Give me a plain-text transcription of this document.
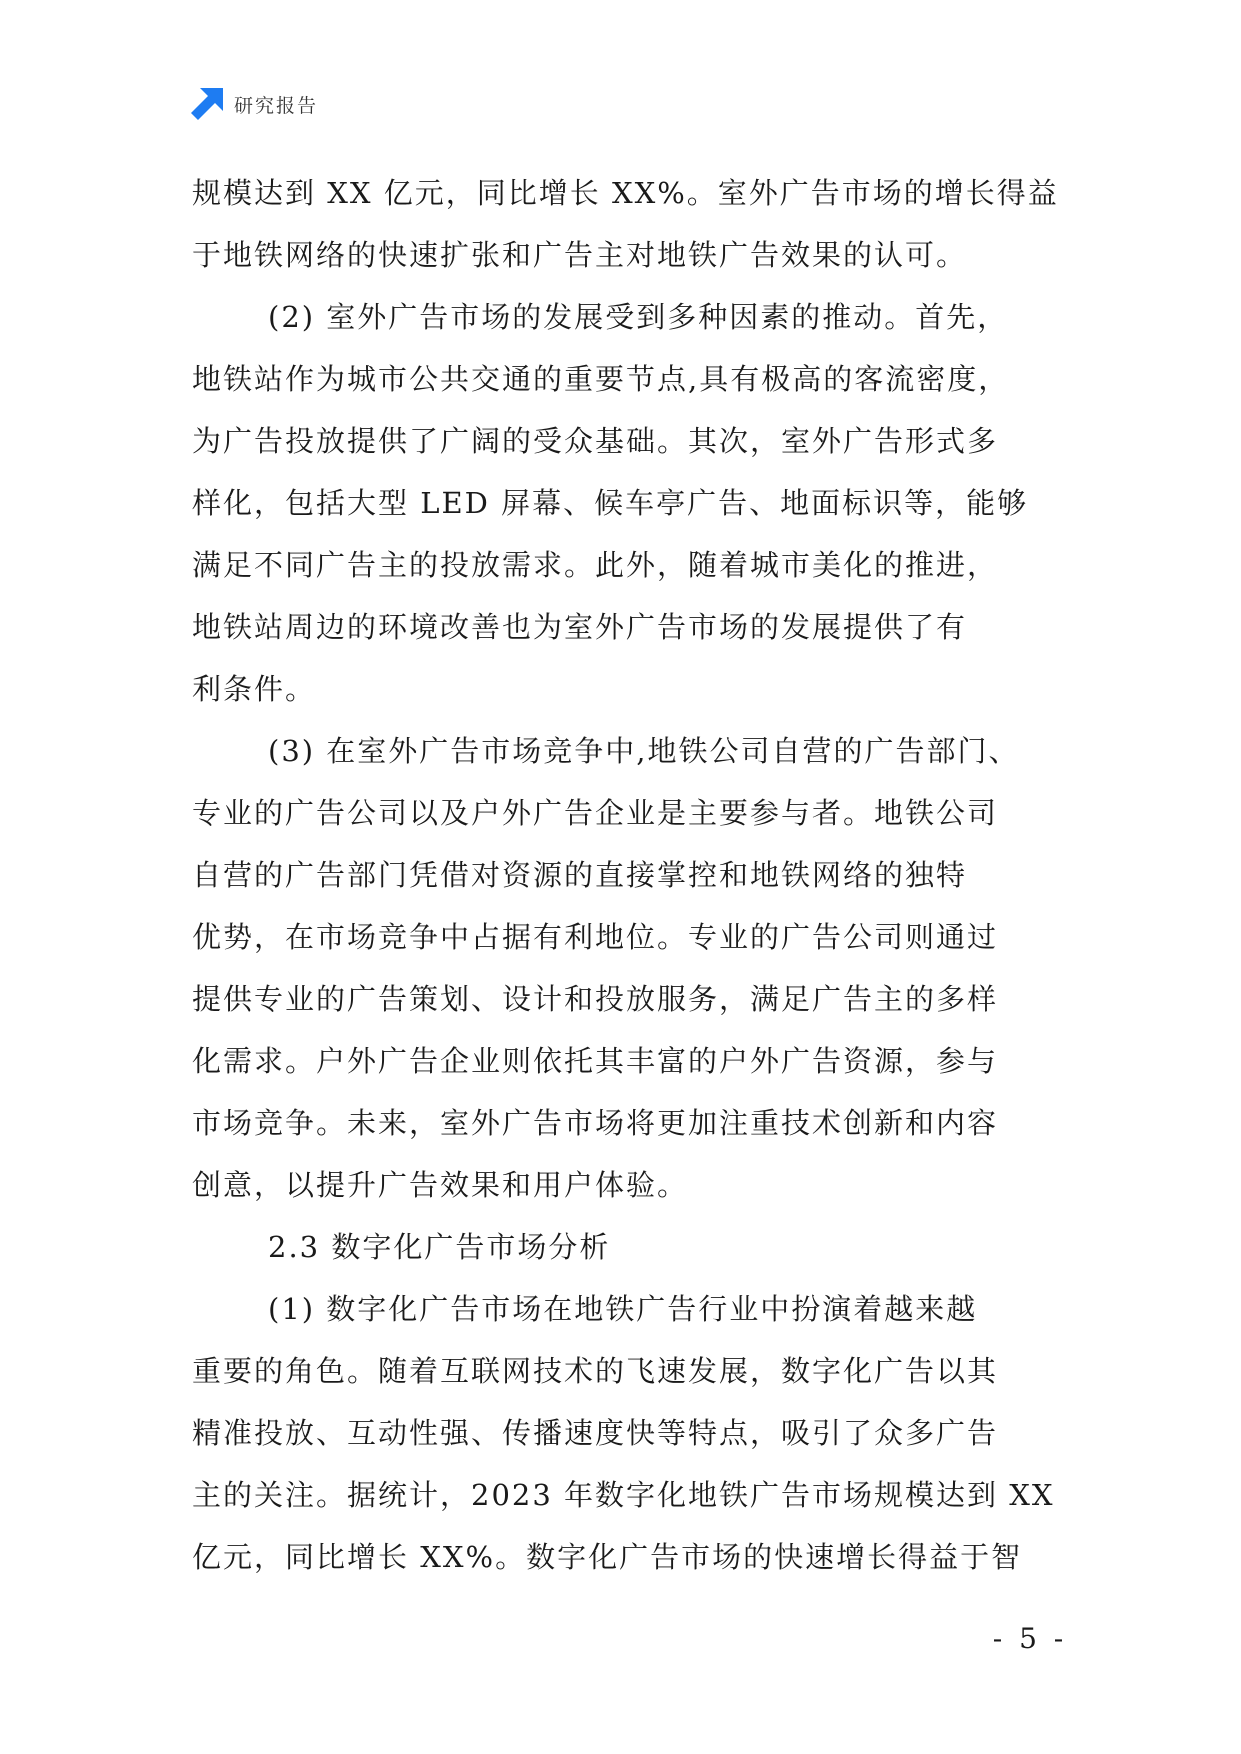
研究报告
规模达到 XX 亿元，同比增长 XX%。室外广告市场的增长得益
于地铁网络的快速扩张和广告主对地铁广告效果的认可。
(2) 室外广告市场的发展受到多种因素的推动。首先，
地铁站作为城市公共交通的重要节点,具有极高的客流密度，
为广告投放提供了广阔的受众基础。其次，室外广告形式多
样化，包括大型 LED 屏幕、候车亭广告、地面标识等，能够
满足不同广告主的投放需求。此外，随着城市美化的推进，
地铁站周边的环境改善也为室外广告市场的发展提供了有
利条件。
(3) 在室外广告市场竞争中,地铁公司自营的广告部门、
专业的广告公司以及户外广告企业是主要参与者。地铁公司
自营的广告部门凭借对资源的直接掌控和地铁网络的独特
优势，在市场竞争中占据有利地位。专业的广告公司则通过
提供专业的广告策划、设计和投放服务，满足广告主的多样
化需求。户外广告企业则依托其丰富的户外广告资源，参与
市场竞争。未来，室外广告市场将更加注重技术创新和内容
创意，以提升广告效果和用户体验。
2.3 数字化广告市场分析
(1) 数字化广告市场在地铁广告行业中扮演着越来越
重要的角色。随着互联网技术的飞速发展，数字化广告以其
精准投放、互动性强、传播速度快等特点，吸引了众多广告
主的关注。据统计，2023 年数字化地铁广告市场规模达到 XX
亿元，同比增长 XX%。数字化广告市场的快速增长得益于智
- 5 -
